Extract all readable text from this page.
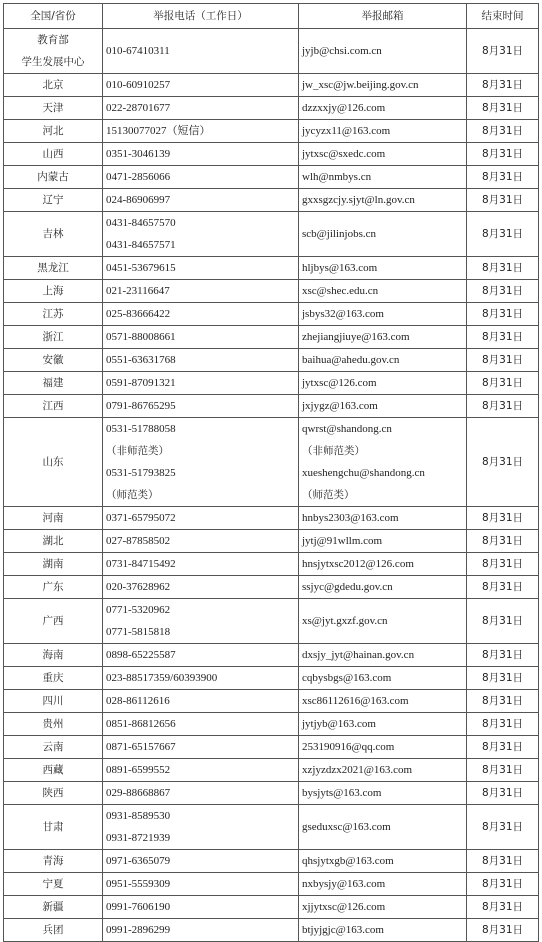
全国/省份	举报电话（工作日）	举报邮箱	结束时间

教育部
学生发展中心	010-67410311	jyjb@chsi.com.cn	8月31日

北京	010-60910257	jw_xsc@jw.beijing.gov.cn	8月31日

天津	022-28701677	dzzxxjy@126.com	8月31日

河北	15130077027（短信）	jycyzx11@163.com	8月31日

山西	0351-3046139	jytxsc@sxedc.com	8月31日

内蒙古	0471-2856066	wlh@nmbys.cn	8月31日

辽宁	024-86906997	gxxsgzcjy.sjyt@ln.gov.cn	8月31日

吉林	0431-84657570
0431-84657571	scb@jilinjobs.cn	8月31日

黑龙江	0451-53679615	hljbys@163.com	8月31日

上海	021-23116647	xsc@shec.edu.cn	8月31日

江苏	025-83666422	jsbys32@163.com	8月31日

浙江	0571-88008661	zhejiangjiuye@163.com	8月31日

安徽	0551-63631768	baihua@ahedu.gov.cn	8月31日

福建	0591-87091321	jytxsc@126.com	8月31日

江西	0791-86765295	jxjygz@163.com	8月31日

山东	0531-51788058
（非师范类）
0531-51793825
（师范类）	qwrst@shandong.cn
（非师范类）
xueshengchu@shandong.cn
（师范类）	8月31日

河南	0371-65795072	hnbys2303@163.com	8月31日

湖北	027-87858502	jytj@91wllm.com	8月31日

湖南	0731-84715492	hnsjytxsc2012@126.com	8月31日

广东	020-37628962	ssjyc@gdedu.gov.cn	8月31日

广西	0771-5320962
0771-5815818	xs@jyt.gxzf.gov.cn	8月31日

海南	0898-65225587	dxsjy_jyt@hainan.gov.cn	8月31日

重庆	023-88517359/60393900	cqbysbgs@163.com	8月31日

四川	028-86112616	xsc86112616@163.com	8月31日

贵州	0851-86812656	jytjyb@163.com	8月31日

云南	0871-65157667	253190916@qq.com	8月31日

西藏	0891-6599552	xzjyzdzx2021@163.com	8月31日

陕西	029-88668867	bysjyts@163.com	8月31日

甘肃	0931-8589530
0931-8721939	gseduxsc@163.com	8月31日

青海	0971-6365079	qhsjytxgb@163.com	8月31日

宁夏	0951-5559309	nxbysjy@163.com	8月31日

新疆	0991-7606190	xjjytxsc@126.com	8月31日

兵团	0991-2896299	btjyjgjc@163.com	8月31日
